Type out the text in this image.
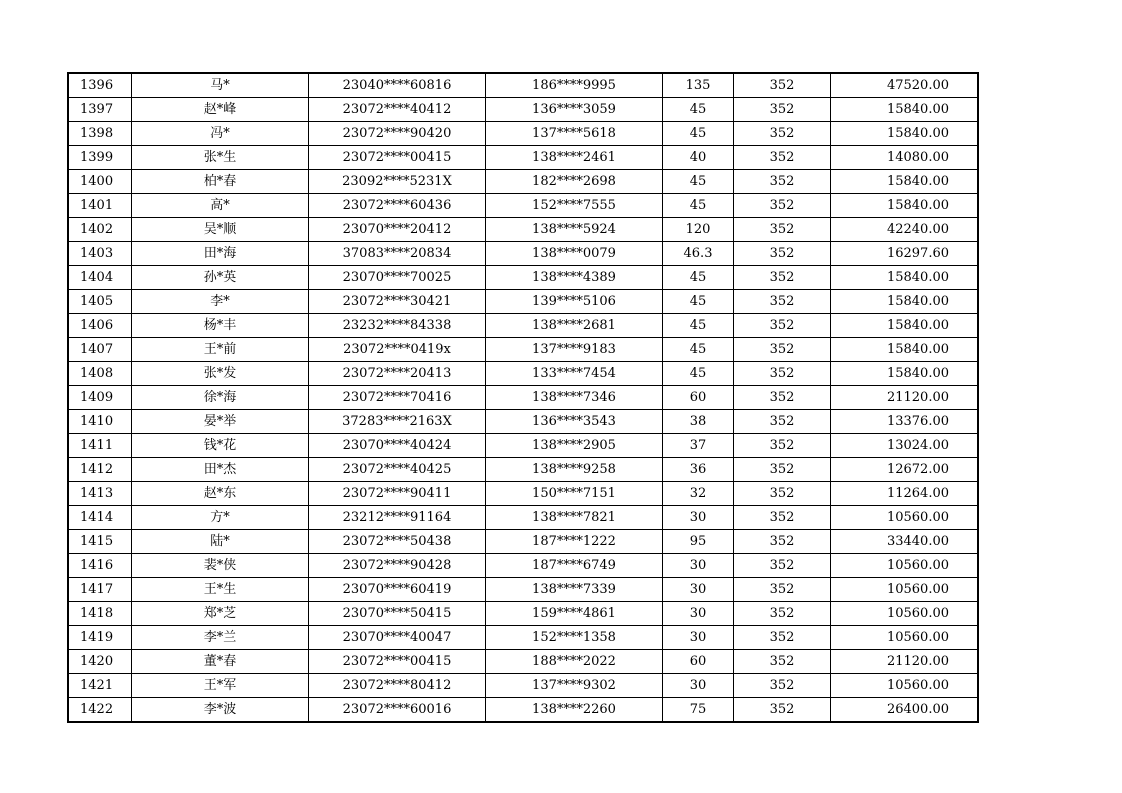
1396	马*	23040****60816	186****9995	135	352	47520.00
1397	赵*峰	23072****40412	136****3059	45	352	15840.00
1398	冯*	23072****90420	137****5618	45	352	15840.00
1399	张*生	23072****00415	138****2461	40	352	14080.00
1400	柏*春	23092****5231X	182****2698	45	352	15840.00
1401	高*	23072****60436	152****7555	45	352	15840.00
1402	吴*顺	23070****20412	138****5924	120	352	42240.00
1403	田*海	37083****20834	138****0079	46.3	352	16297.60
1404	孙*英	23070****70025	138****4389	45	352	15840.00
1405	李*	23072****30421	139****5106	45	352	15840.00
1406	杨*丰	23232****84338	138****2681	45	352	15840.00
1407	王*前	23072****0419x	137****9183	45	352	15840.00
1408	张*发	23072****20413	133****7454	45	352	15840.00
1409	徐*海	23072****70416	138****7346	60	352	21120.00
1410	晏*举	37283****2163X	136****3543	38	352	13376.00
1411	钱*花	23070****40424	138****2905	37	352	13024.00
1412	田*杰	23072****40425	138****9258	36	352	12672.00
1413	赵*东	23072****90411	150****7151	32	352	11264.00
1414	方*	23212****91164	138****7821	30	352	10560.00
1415	陆*	23072****50438	187****1222	95	352	33440.00
1416	裴*侠	23072****90428	187****6749	30	352	10560.00
1417	王*生	23070****60419	138****7339	30	352	10560.00
1418	郑*芝	23070****50415	159****4861	30	352	10560.00
1419	李*兰	23070****40047	152****1358	30	352	10560.00
1420	董*春	23072****00415	188****2022	60	352	21120.00
1421	王*军	23072****80412	137****9302	30	352	10560.00
1422	李*波	23072****60016	138****2260	75	352	26400.00
